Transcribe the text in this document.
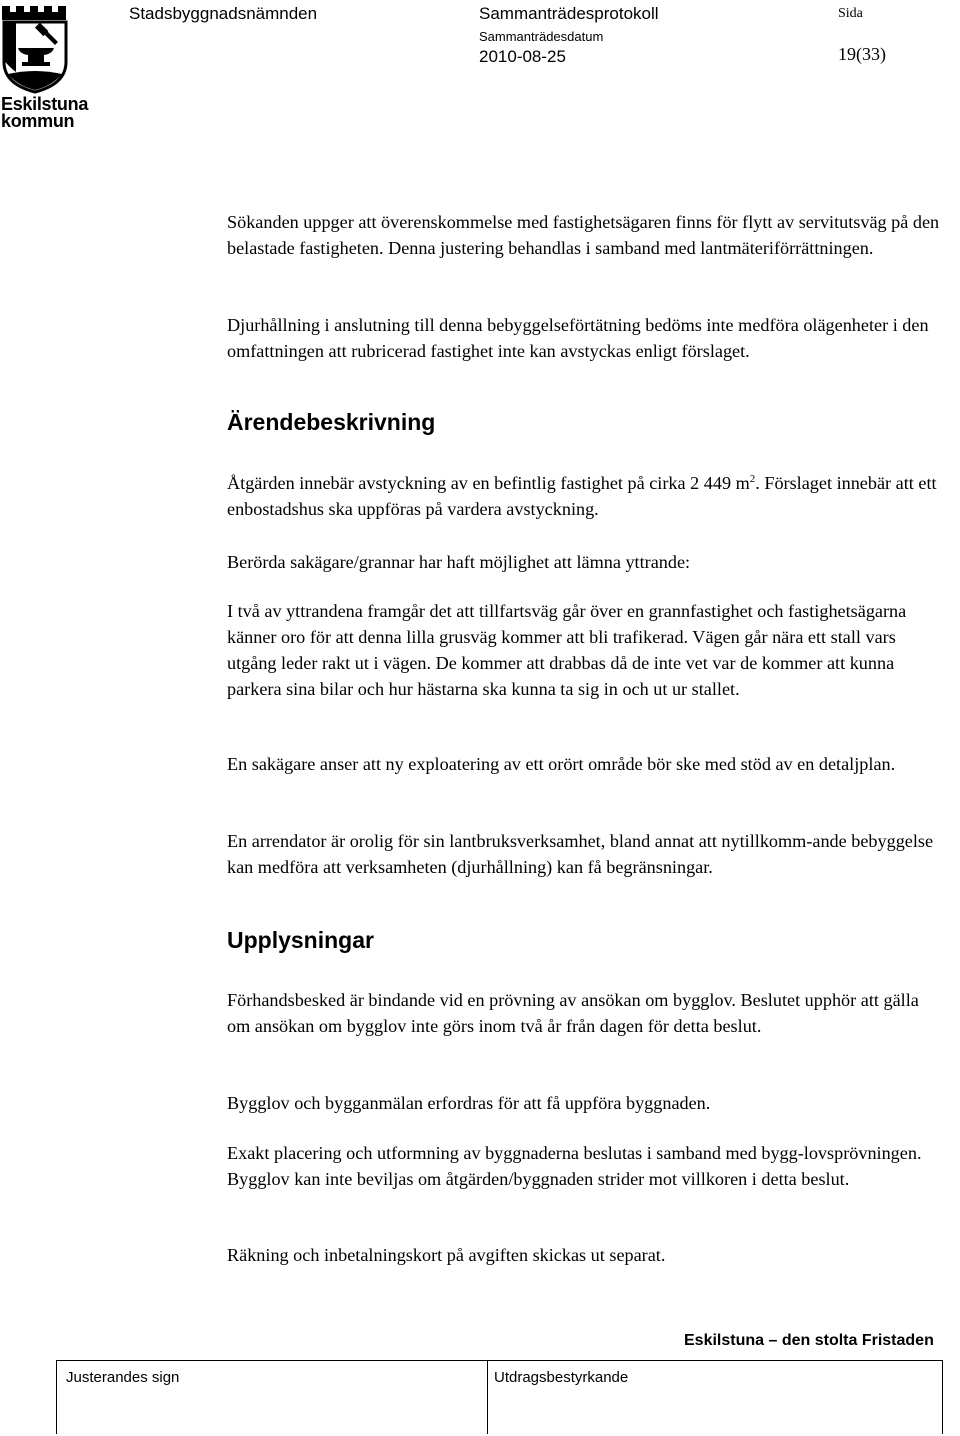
Eskilstuna
kommun
Stadsbyggnadsnämnden	Sammanträdesprotokoll
Sammanträdesdatum
2010-08-25
Sida
19(33)
Sökanden uppger att överenskommelse med fastighetsägaren finns för flytt av servitutsväg på den belastade fastigheten. Denna justering behandlas i samband med lantmäteriförrättningen.
Djurhållning i anslutning till denna bebyggelseförtätning bedöms inte medföra olägenheter i den omfattningen att rubricerad fastighet inte kan avstyckas enligt förslaget.
Ärendebeskrivning
Åtgärden innebär avstyckning av en befintlig fastighet på cirka 2 449 $m^2$. Förslaget innebär att ett enbostadshus ska uppföras på vardera avstyckning.
Berörda sakägare/grannar har haft möjlighet att lämna yttrande:
I två av yttrandena framgår det att tillfartsväg går över en grannfastighet och fastighetsägarna känner oro för att denna lilla grusväg kommer att bli trafikerad. Vägen går nära ett stall vars utgång leder rakt ut i vägen. De kommer att drabbas då de inte vet var de kommer att kunna parkera sina bilar och hur hästarna ska kunna ta sig in och ut ur stallet.
En sakägare anser att ny exploatering av ett orört område bör ske med stöd av en detaljplan.
En arrendator är orolig för sin lantbruksverksamhet, bland annat att nytillkomm-ande bebyggelse kan medföra att verksamheten (djurhållning) kan få begränsningar.
Upplysningar
Förhandsbesked är bindande vid en prövning av ansökan om bygglov. Beslutet upphör att gälla om ansökan om bygglov inte görs inom två år från dagen för detta beslut.
Bygglov och bygganmälan erfordras för att få uppföra byggnaden.
Exakt placering och utformning av byggnaderna beslutas i samband med bygg-lovsprövningen. Bygglov kan inte beviljas om åtgärden/byggnaden strider mot villkoren i detta beslut.
Räkning och inbetalningskort på avgiften skickas ut separat.
Eskilstuna – den stolta Fristaden
Justerandes sign	Utdragsbestyrkande
